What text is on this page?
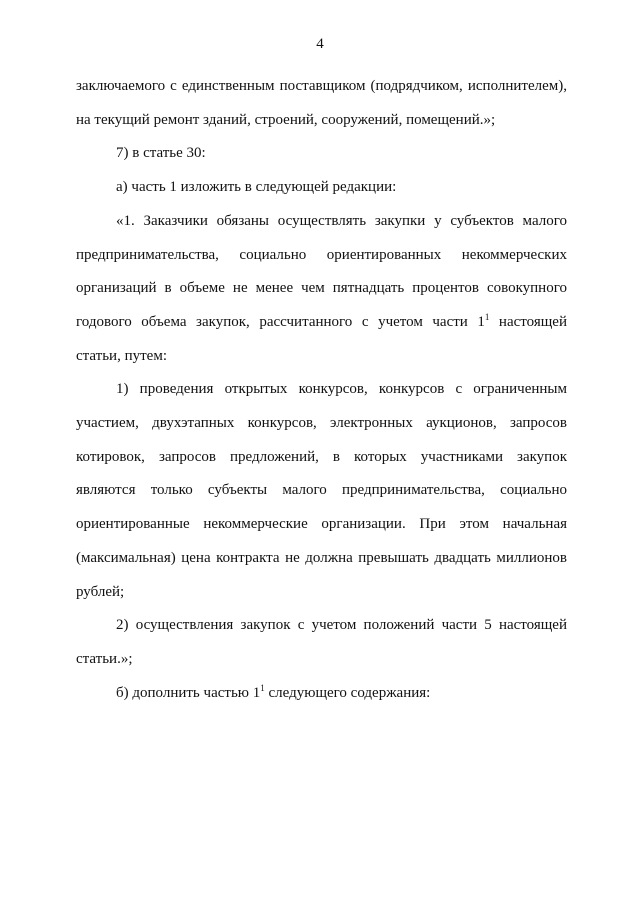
4

заключаемого с единственным поставщиком (подрядчиком, исполнителем), на текущий ремонт зданий, строений, сооружений, помещений.»;

7) в статье 30:

а) часть 1 изложить в следующей редакции:

«1. Заказчики обязаны осуществлять закупки у субъектов малого предпринимательства, социально ориентированных некоммерческих организаций в объеме не менее чем пятнадцать процентов совокупного годового объема закупок, рассчитанного с учетом части $1^1$ настоящей статьи, путем:

1) проведения открытых конкурсов, конкурсов с ограниченным участием, двухэтапных конкурсов, электронных аукционов, запросов котировок, запросов предложений, в которых участниками закупок являются только субъекты малого предпринимательства, социально ориентированные некоммерческие организации. При этом начальная (максимальная) цена контракта не должна превышать двадцать миллионов рублей;

2) осуществления закупок с учетом положений части 5 настоящей статьи.»;

б) дополнить частью $1^1$ следующего содержания:
